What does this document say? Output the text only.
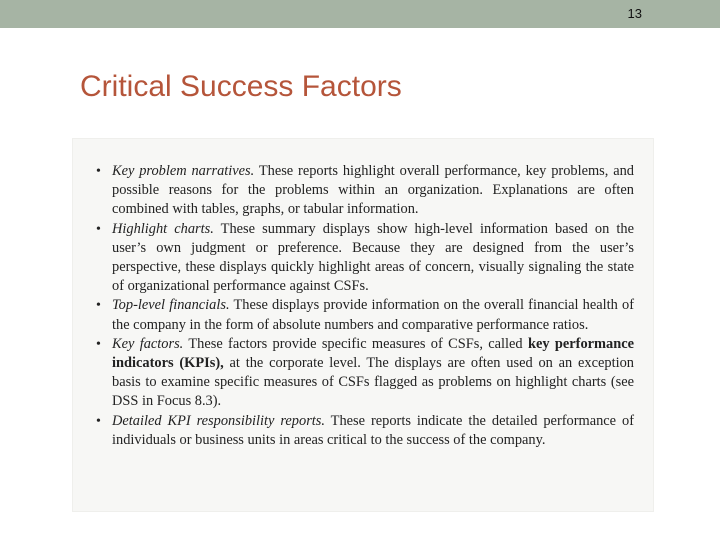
13
Critical Success Factors
• Key problem narratives. These reports highlight overall performance, key problems, and possible reasons for the problems within an organization. Explanations are often combined with tables, graphs, or tabular information.
• Highlight charts. These summary displays show high-level information based on the user’s own judgment or preference. Because they are designed from the user’s perspective, these displays quickly highlight areas of concern, visually signaling the state of organizational performance against CSFs.
• Top-level financials. These displays provide information on the overall financial health of the company in the form of absolute numbers and comparative performance ratios.
• Key factors. These factors provide specific measures of CSFs, called key performance indicators (KPIs), at the corporate level. The displays are often used on an exception basis to examine specific measures of CSFs flagged as problems on highlight charts (see DSS in Focus 8.3).
• Detailed KPI responsibility reports. These reports indicate the detailed performance of individuals or business units in areas critical to the success of the company.
